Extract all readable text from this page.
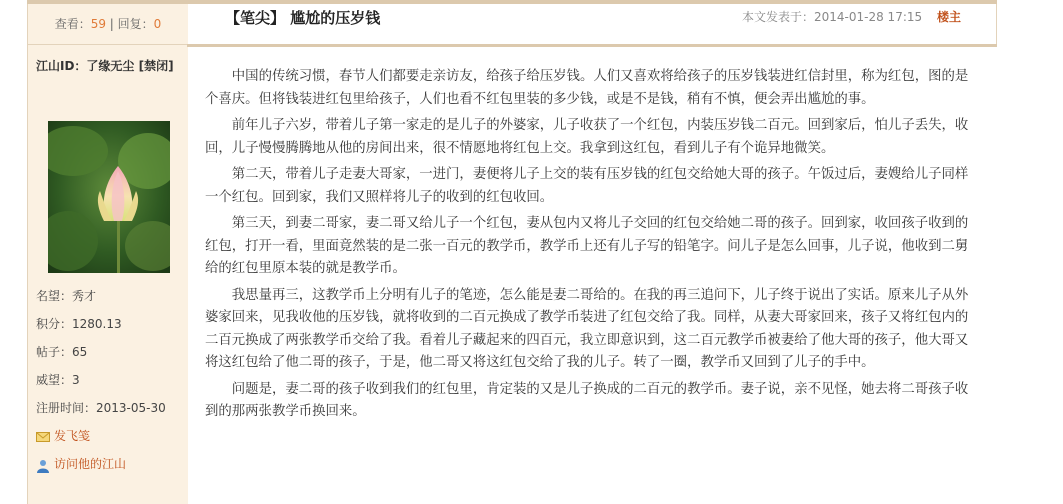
查看：59 | 回复：0
江山ID：了缘无尘 [禁闭]
名望：秀才
积分：1280.13
帖子：65
威望：3
注册时间：2013-05-30
发飞笺
访问他的江山
【笔尖】 尴尬的压岁钱	本文发表于：2014-01-28 17:15 楼主

中国的传统习惯，春节人们都要走亲访友，给孩子给压岁钱。人们又喜欢将给孩子的压岁钱装进红信封里，称为红包，图的是个喜庆。但将钱装进红包里给孩子，人们也看不红包里装的多少钱，或是不是钱，稍有不慎，便会弄出尴尬的事。

前年儿子六岁，带着儿子第一家走的是儿子的外婆家，儿子收获了一个红包，内装压岁钱二百元。回到家后，怕儿子丢失，收回，儿子慢慢腾腾地从他的房间出来，很不情愿地将红包上交。我拿到这红包，看到儿子有个诡异地微笑。

第二天，带着儿子走妻大哥家，一进门，妻便将儿子上交的装有压岁钱的红包交给她大哥的孩子。午饭过后，妻嫂给儿子同样一个红包。回到家，我们又照样将儿子的收到的红包收回。

第三天，到妻二哥家，妻二哥又给儿子一个红包，妻从包内又将儿子交回的红包交给她二哥的孩子。回到家，收回孩子收到的红包，打开一看，里面竟然装的是二张一百元的教学币，教学币上还有儿子写的铅笔字。问儿子是怎么回事，儿子说，他收到二舅给的红包里原本装的就是教学币。

我思量再三，这教学币上分明有儿子的笔迹，怎么能是妻二哥给的。在我的再三追问下，儿子终于说出了实话。原来儿子从外婆家回来，见我收他的压岁钱，就将收到的二百元换成了教学币装进了红包交给了我。同样，从妻大哥家回来，孩子又将红包内的二百元换成了两张教学币交给了我。看着儿子藏起来的四百元，我立即意识到，这二百元教学币被妻给了他大哥的孩子，他大哥又将这红包给了他二哥的孩子，于是，他二哥又将这红包交给了我的儿子。转了一圈，教学币又回到了儿子的手中。

问题是，妻二哥的孩子收到我们的红包里，肯定装的又是儿子换成的二百元的教学币。妻子说，亲不见怪，她去将二哥孩子收到的那两张教学币换回来。
